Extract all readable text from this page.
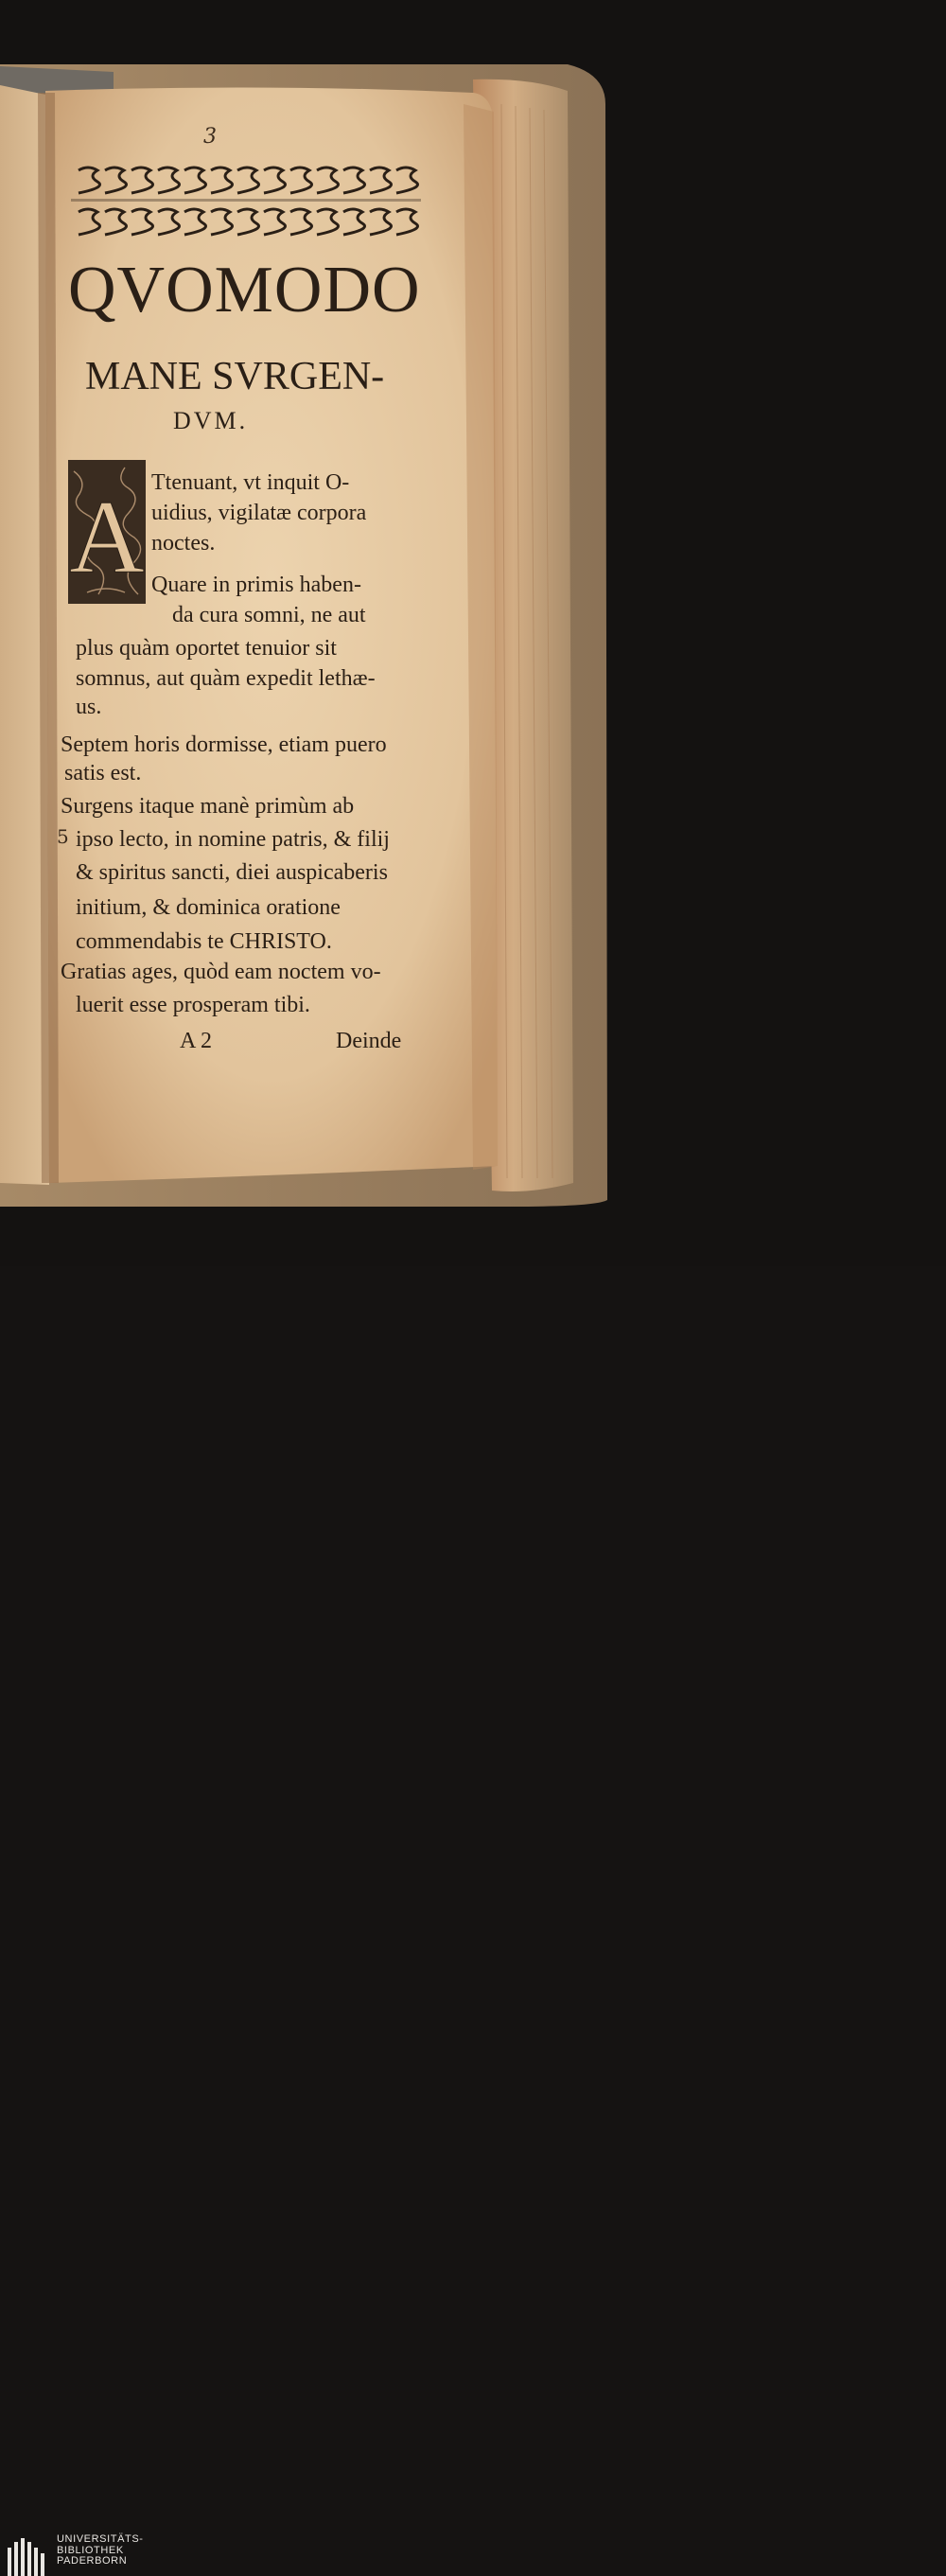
3
QVOMODO
MANE SVRGEN-
DVM.
A Ttenuant, vt inquit O-
uidius, vigilatæ corpora
noctes.
Quare in primis haben-
da cura somni, ne aut
plus quàm oportet tenuior sit
somnus, aut quàm expedit lethæ-
us.
Septem horis dormisse, etiam puero
satis est.
Surgens itaque manè primùm ab
ipso lecto, in nomine patris, & filij
& spiritus sancti, diei auspicaberis
initium, & dominica oratione
commendabis te CHRISTO.
Gratias ages, quòd eam noctem vo-
luerit esse prosperam tibi.
5
A 2	Deinde
UNIVERSITÄTS-
BIBLIOTHEK
PADERBORN
